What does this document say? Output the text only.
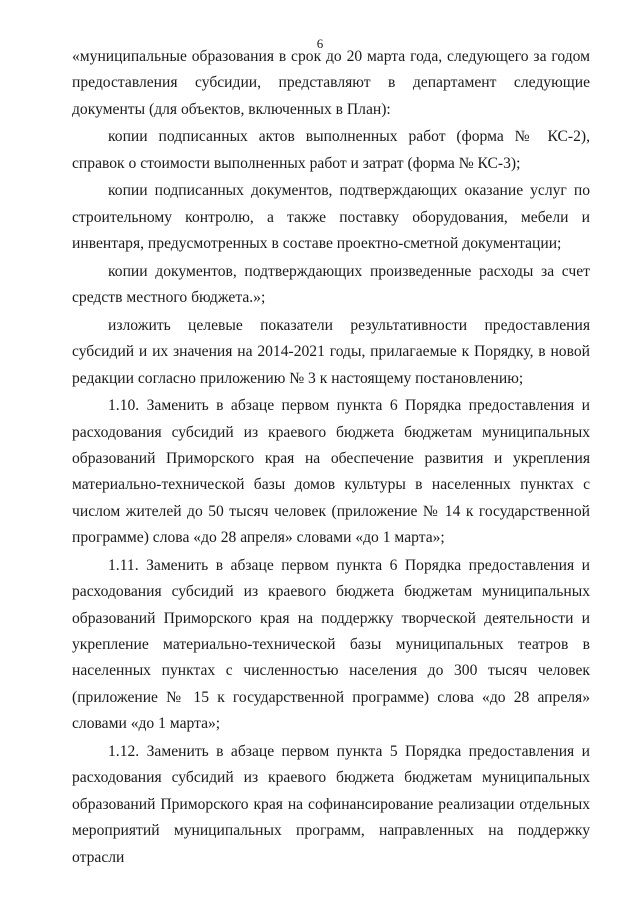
6

«муниципальные образования в срок до 20 марта года, следующего за годом предоставления субсидии, представляют в департамент следующие документы (для объектов, включенных в План):

копии подписанных актов выполненных работ (форма № КС-2), справок о стоимости выполненных работ и затрат (форма № КС-3);

копии подписанных документов, подтверждающих оказание услуг по строительному контролю, а также поставку оборудования, мебели и инвентаря, предусмотренных в составе проектно-сметной документации;

копии документов, подтверждающих произведенные расходы за счет средств местного бюджета.»;

изложить целевые показатели результативности предоставления субсидий и их значения на 2014-2021 годы, прилагаемые к Порядку, в новой редакции согласно приложению № 3 к настоящему постановлению;

1.10. Заменить в абзаце первом пункта 6 Порядка предоставления и расходования субсидий из краевого бюджета бюджетам муниципальных образований Приморского края на обеспечение развития и укрепления материально-технической базы домов культуры в населенных пунктах с числом жителей до 50 тысяч человек (приложение № 14 к государственной программе) слова «до 28 апреля» словами «до 1 марта»;

1.11. Заменить в абзаце первом пункта 6 Порядка предоставления и расходования субсидий из краевого бюджета бюджетам муниципальных образований Приморского края на поддержку творческой деятельности и укрепление материально-технической базы муниципальных театров в населенных пунктах с численностью населения до 300 тысяч человек (приложение № 15 к государственной программе) слова «до 28 апреля» словами «до 1 марта»;

1.12. Заменить в абзаце первом пункта 5 Порядка предоставления и расходования субсидий из краевого бюджета бюджетам муниципальных образований Приморского края на софинансирование реализации отдельных мероприятий муниципальных программ, направленных на поддержку отрасли
